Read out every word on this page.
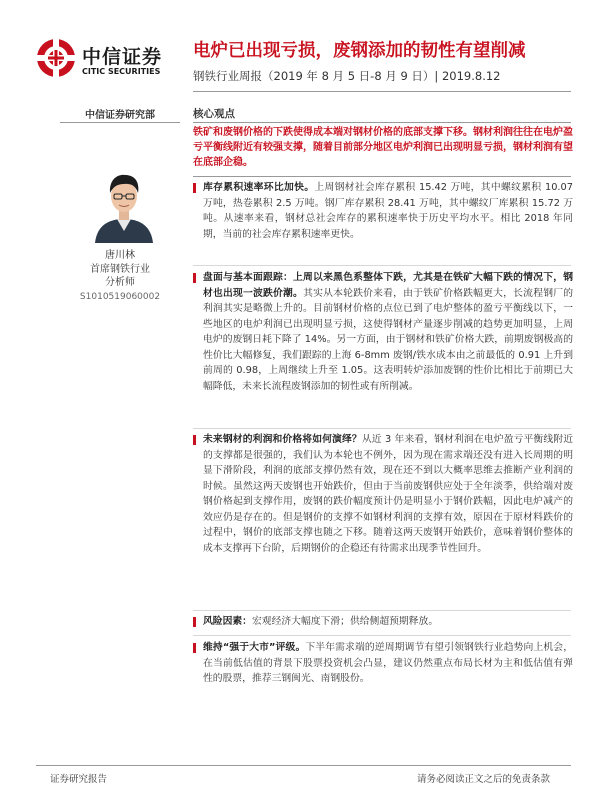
中信证券
CITIC SECURITIES
电炉已出现亏损，废钢添加的韧性有望削减
钢铁行业周报（2019 年 8 月 5 日-8 月 9 日）| 2019.8.12
中信证券研究部
唐川林
首席钢铁行业
分析师
S1010519060002
核心观点
铁矿和废钢价格的下跌使得成本端对钢材价格的底部支撑下移。钢材利润往往在电炉盈亏平衡线附近有较强支撑，随着目前部分地区电炉利润已出现明显亏损，钢材利润有望在底部企稳。
库存累积速率环比加快。上周钢材社会库存累积 15.42 万吨，其中螺纹累积 10.07 万吨，热卷累积 2.5 万吨。钢厂库存累积 28.41 万吨，其中螺纹厂库累积 15.72 万吨。从速率来看，钢材总社会库存的累积速率快于历史平均水平。相比 2018 年同期，当前的社会库存累积速率更快。
盘面与基本面跟踪：上周以来黑色系整体下跌，尤其是在铁矿大幅下跌的情况下，钢材也出现一波跌价潮。其实从本轮跌价来看，由于铁矿价格跌幅更大，长流程钢厂的利润其实是略微上升的。目前钢材价格的点位已到了电炉整体的盈亏平衡线以下，一些地区的电炉利润已出现明显亏损，这使得钢材产量逐步削减的趋势更加明显，上周电炉的废钢日耗下降了 14%。另一方面，由于钢材和铁矿价格大跌，前期废钢极高的性价比大幅修复，我们跟踪的上海 6-8mm 废钢/铁水成本由之前最低的 0.91 上升到前周的 0.98，上周继续上升至 1.05。这表明转炉添加废钢的性价比相比于前期已大幅降低，未来长流程废钢添加的韧性或有所削减。
未来钢材的利润和价格将如何演绎？从近 3 年来看，钢材利润在电炉盈亏平衡线附近的支撑都是很强的，我们认为本轮也不例外，因为现在需求端还没有进入长周期的明显下滑阶段，利润的底部支撑仍然有效，现在还不到以大概率思维去推断产业利润的时候。虽然这两天废钢也开始跌价，但由于当前废钢供应处于全年淡季，供给端对废钢价格起到支撑作用，废钢的跌价幅度预计仍是明显小于钢价跌幅，因此电炉减产的效应仍是存在的。但是钢价的支撑不如钢材利润的支撑有效，原因在于原材料跌价的过程中，钢价的底部支撑也随之下移。随着这两天废钢开始跌价，意味着钢价整体的成本支撑再下台阶，后期钢价的企稳还有待需求出现季节性回升。
风险因素：宏观经济大幅度下滑；供给侧超预期释放。
维持“强于大市”评级。下半年需求端的逆周期调节有望引领钢铁行业趋势向上机会，在当前低估值的背景下股票投资机会凸显，建议仍然重点布局长材为主和低估值有弹性的股票，推荐三钢闽光、南钢股份。
证券研究报告	请务必阅读正文之后的免责条款
